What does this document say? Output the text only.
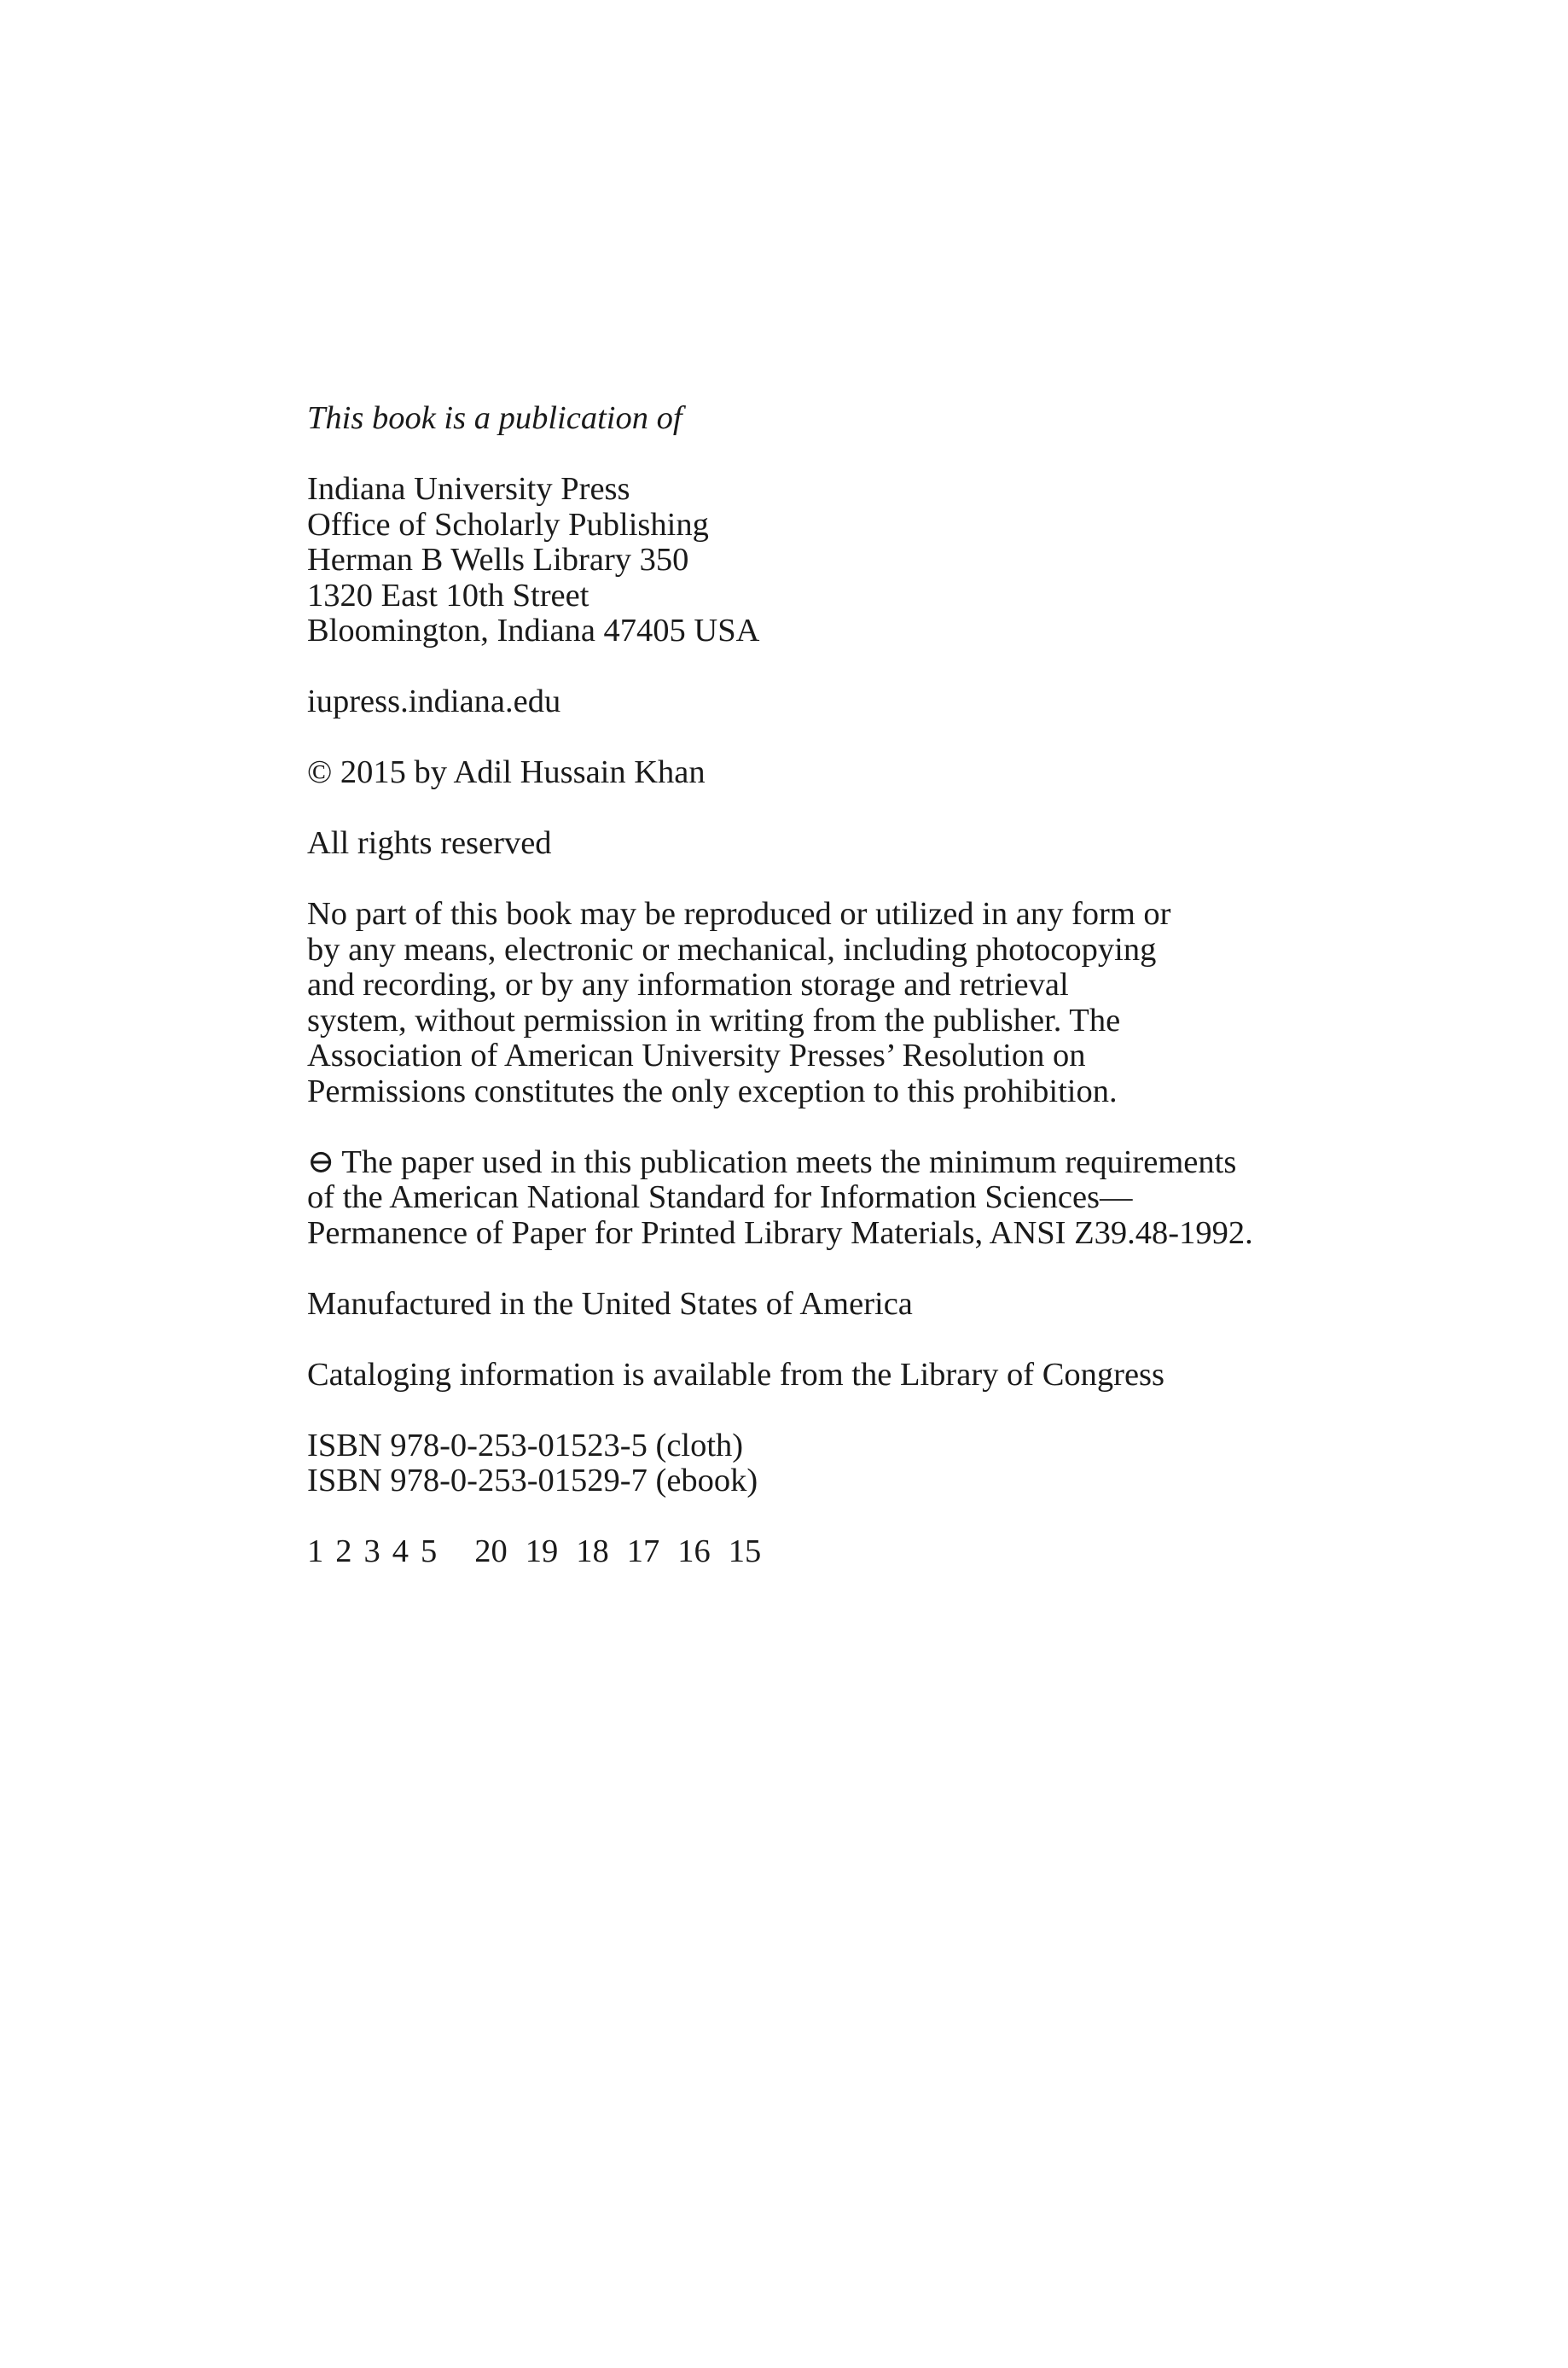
This book is a publication of
Indiana University Press
Office of Scholarly Publishing
Herman B Wells Library 350
1320 East 10th Street
Bloomington, Indiana 47405 USA
iupress.indiana.edu
© 2015 by Adil Hussain Khan
All rights reserved
No part of this book may be reproduced or utilized in any form or
by any means, electronic or mechanical, including photocopying
and recording, or by any information storage and retrieval
system, without permission in writing from the publisher. The
Association of American University Presses’ Resolution on
Permissions constitutes the only exception to this prohibition.
⊖ The paper used in this publication meets the minimum requirements
of the American National Standard for Information Sciences—
Permanence of Paper for Printed Library Materials, ANSI Z39.48-1992.
Manufactured in the United States of America
Cataloging information is available from the Library of Congress
ISBN 978-0-253-01523-5 (cloth)
ISBN 978-0-253-01529-7 (ebook)
1 2 3 4 5 20 19 18 17 16 15
